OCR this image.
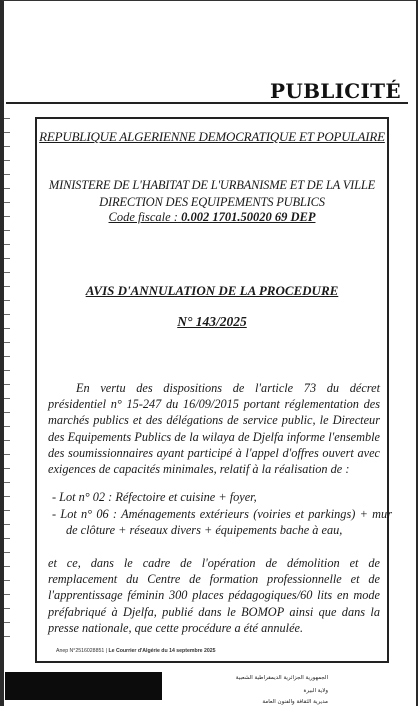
PUBLICITÉ
REPUBLIQUE ALGERIENNE DEMOCRATIQUE ET POPULAIRE
MINISTERE DE L'HABITAT DE L'URBANISME ET DE LA VILLE
DIRECTION DES EQUIPEMENTS PUBLICS
Code fiscale : 0.002 1701.50020 69 DEP
AVIS D'ANNULATION DE LA PROCEDURE
N° 143/2025
En vertu des dispositions de l'article 73 du décret présidentiel n° 15-247 du 16/09/2015 portant réglementation des marchés publics et des délégations de service public, le Directeur des Equipements Publics de la wilaya de Djelfa informe l'ensemble des soumissionnaires ayant participé à l'appel d'offres ouvert avec exigences de capacités minimales, relatif à la réalisation de :
- Lot n° 02 : Réfectoire et cuisine + foyer,
- Lot n° 06 : Aménagements extérieurs (voiries et parkings) + mur de clôture + réseaux divers + équipements bache à eau,
et ce, dans le cadre de l'opération de démolition et de remplacement du Centre de formation professionnelle et de l'apprentissage féminin 300 places pédagogiques/60 lits en mode préfabriqué à Djelfa, publié dans le BOMOP ainsi que dans la presse nationale, que cette procédure a été annulée.
Anep N°2516028851 | Le Courrier d'Algérie du 14 septembre 2025
الجمهورية الجزائرية الديمقراطية الشعبية
ولاية البيرة
مديرية الثقافة والفنون العامة
